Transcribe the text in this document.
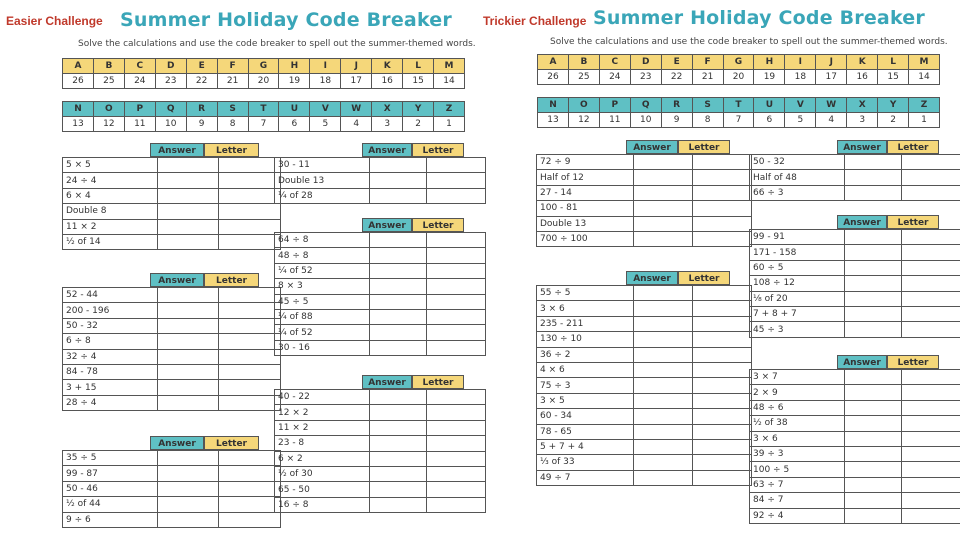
Easier Challenge Summer Holiday Code Breaker
Solve the calculations and use the code breaker to spell out the summer-themed words.
A	B	C	D	E	F	G	H	I	J	K	L	M
26	25	24	23	22	21	20	19	18	17	16	15	14
N	O	P	Q	R	S	T	U	V	W	X	Y	Z
13	12	11	10	9	8	7	6	5	4	3	2	1
Answer	Letter
5 × 5		
24 ÷ 4		
6 × 4		
Double 8		
11 × 2		
½ of 14		
Answer	Letter
52 - 44		
200 - 196		
50 - 32		
6 ÷ 8		
32 ÷ 4		
84 - 78		
3 + 15		
28 ÷ 4		
Answer	Letter
35 ÷ 5		
99 - 87		
50 - 46		
½ of 44		
9 ÷ 6		
Answer	Letter
30 - 11		
Double 13		
¼ of 28		
Answer	Letter
64 ÷ 8		
48 ÷ 8		
¼ of 52		
8 × 3		
45 ÷ 5		
¼ of 88		
¼ of 52		
30 - 16		
Answer	Letter
40 - 22		
12 × 2		
11 × 2		
23 - 8		
6 × 2		
½ of 30		
65 - 50		
16 ÷ 8		
Trickier Challenge Summer Holiday Code Breaker
Solve the calculations and use the code breaker to spell out the summer-themed words.
A	B	C	D	E	F	G	H	I	J	K	L	M
26	25	24	23	22	21	20	19	18	17	16	15	14
N	O	P	Q	R	S	T	U	V	W	X	Y	Z
13	12	11	10	9	8	7	6	5	4	3	2	1
Answer	Letter
72 ÷ 9		
Half of 12		
27 - 14		
100 - 81		
Double 13		
700 ÷ 100		
Answer	Letter
55 ÷ 5		
3 × 6		
235 - 211		
130 ÷ 10		
36 ÷ 2		
4 × 6		
75 ÷ 3		
3 × 5		
60 - 34		
78 - 65		
5 + 7 + 4		
⅓ of 33		
49 ÷ 7		
Answer	Letter
50 - 32		
Half of 48		
66 ÷ 3		
Answer	Letter
99 - 91		
171 - 158		
60 ÷ 5		
108 ÷ 12		
⅛ of 20		
7 + 8 + 7		
45 ÷ 3		
Answer	Letter
3 × 7		
2 × 9		
48 ÷ 6		
½ of 38		
3 × 6		
39 ÷ 3		
100 ÷ 5		
63 ÷ 7		
84 ÷ 7		
92 ÷ 4		
